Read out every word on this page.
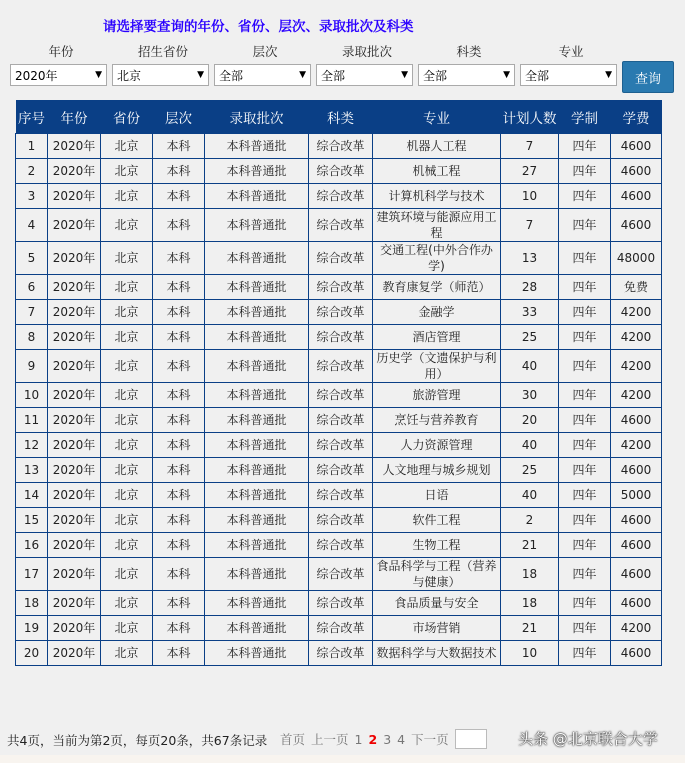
请选择要查询的年份、省份、层次、录取批次及科类
年份	招生省份	层次	录取批次	科类	专业
2020年	▼ 北京	▼ 全部	▼ 全部	▼ 全部	▼ 全部	▼	查询
序号	年份	省份	层次	录取批次	科类	专业	计划人数	学制	学费
1	2020年	北京	本科	本科普通批	综合改革	机器人工程	7	四年	4600
2	2020年	北京	本科	本科普通批	综合改革	机械工程	27	四年	4600
3	2020年	北京	本科	本科普通批	综合改革	计算机科学与技术	10	四年	4600
4	2020年	北京	本科	本科普通批	综合改革	建筑环境与能源应用工程	7	四年	4600
5	2020年	北京	本科	本科普通批	综合改革	交通工程(中外合作办学)	13	四年	48000
6	2020年	北京	本科	本科普通批	综合改革	教育康复学（师范）	28	四年	免费
7	2020年	北京	本科	本科普通批	综合改革	金融学	33	四年	4200
8	2020年	北京	本科	本科普通批	综合改革	酒店管理	25	四年	4200
9	2020年	北京	本科	本科普通批	综合改革	历史学（文遗保护与利用）	40	四年	4200
10	2020年	北京	本科	本科普通批	综合改革	旅游管理	30	四年	4200
11	2020年	北京	本科	本科普通批	综合改革	烹饪与营养教育	20	四年	4600
12	2020年	北京	本科	本科普通批	综合改革	人力资源管理	40	四年	4200
13	2020年	北京	本科	本科普通批	综合改革	人文地理与城乡规划	25	四年	4600
14	2020年	北京	本科	本科普通批	综合改革	日语	40	四年	5000
15	2020年	北京	本科	本科普通批	综合改革	软件工程	2	四年	4600
16	2020年	北京	本科	本科普通批	综合改革	生物工程	21	四年	4600
17	2020年	北京	本科	本科普通批	综合改革	食品科学与工程（营养与健康）	18	四年	4600
18	2020年	北京	本科	本科普通批	综合改革	食品质量与安全	18	四年	4600
19	2020年	北京	本科	本科普通批	综合改革	市场营销	21	四年	4200
20	2020年	北京	本科	本科普通批	综合改革	数据科学与大数据技术	10	四年	4600
共4页，当前为第2页，每页20条，共67条记录 首页 上一页 1 2 3 4 下一页	头条 @北京联合大学
